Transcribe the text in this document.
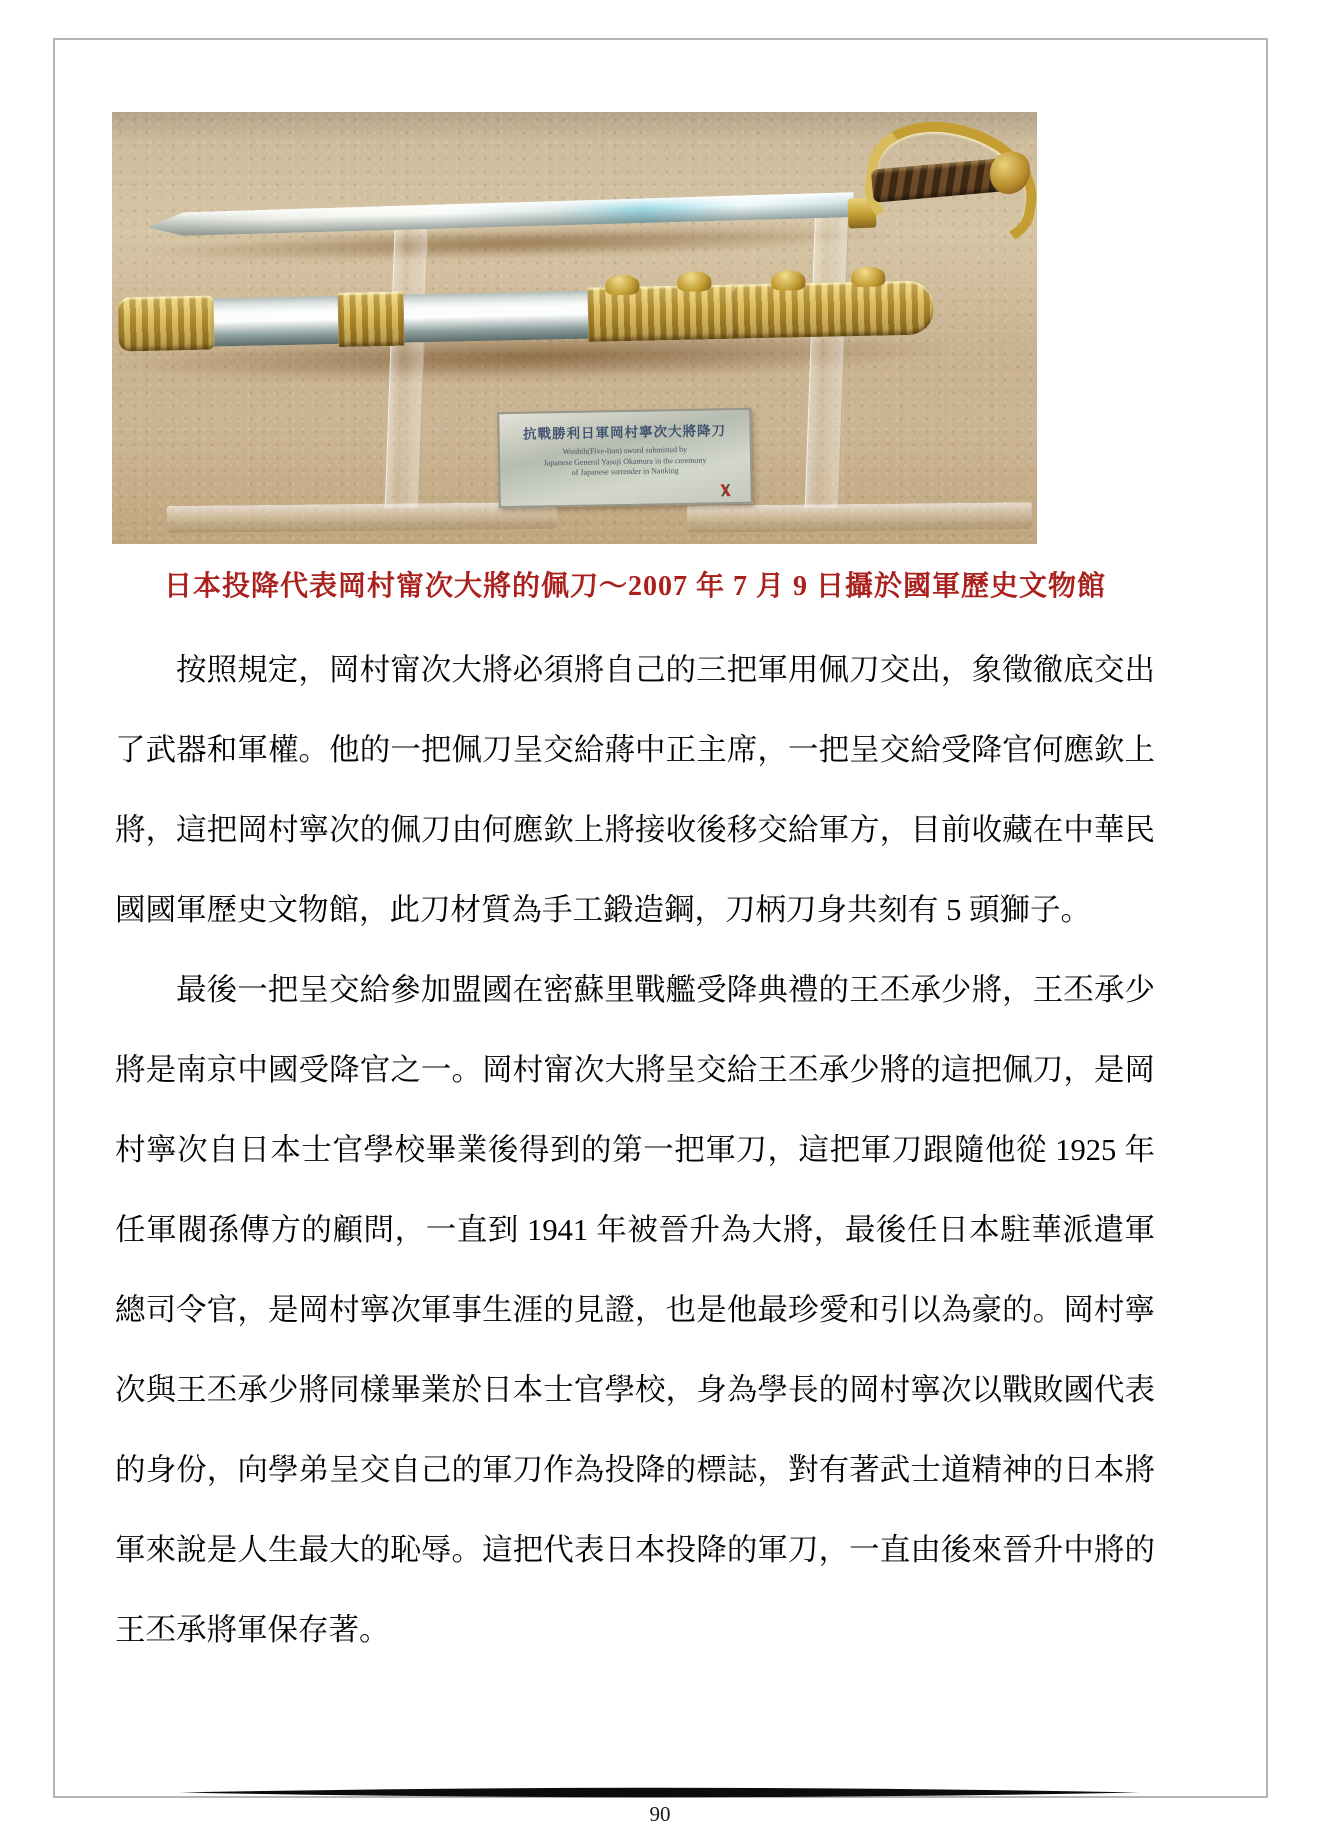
抗戰勝利日軍岡村寧次大將降刀
Wushih(Five-lion) sword submitted by
Japanese General Yasuji Okamura in the ceremony
of Japanese surrender in Nanking
日本投降代表岡村甯次大將的佩刀～2007 年 7 月 9 日攝於國軍歷史文物館

按照規定，岡村甯次大將必須將自己的三把軍用佩刀交出，象徵徹底交出了武器和軍權。他的一把佩刀呈交給蔣中正主席，一把呈交給受降官何應欽上將，這把岡村寧次的佩刀由何應欽上將接收後移交給軍方，目前收藏在中華民國國軍歷史文物館，此刀材質為手工鍛造鋼，刀柄刀身共刻有 5 頭獅子。

最後一把呈交給參加盟國在密蘇里戰艦受降典禮的王丕承少將，王丕承少將是南京中國受降官之一。岡村甯次大將呈交給王丕承少將的這把佩刀，是岡村寧次自日本士官學校畢業後得到的第一把軍刀，這把軍刀跟隨他從 1925 年任軍閥孫傳方的顧問，一直到 1941 年被晉升為大將，最後任日本駐華派遣軍總司令官，是岡村寧次軍事生涯的見證，也是他最珍愛和引以為豪的。岡村寧次與王丕承少將同樣畢業於日本士官學校，身為學長的岡村寧次以戰敗國代表的身份，向學弟呈交自己的軍刀作為投降的標誌，對有著武士道精神的日本將軍來說是人生最大的恥辱。這把代表日本投降的軍刀，一直由後來晉升中將的王丕承將軍保存著。

90
